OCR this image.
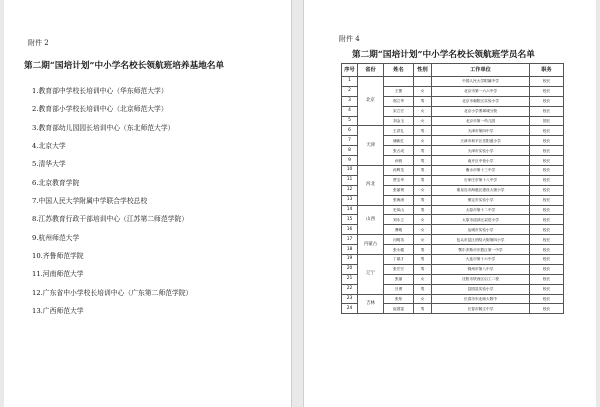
附件 2
第二期“国培计划”中小学名校长领航班培养基地名单
1.教育部中学校长培训中心（华东师范大学）
2.教育部小学校长培训中心（北京师范大学）
3.教育部幼儿园园长培训中心（东北师范大学）
4.北京大学
5.清华大学
6.北京教育学院
7.中国人民大学附属中学联合学校总校
8.江苏教育行政干部培训中心（江苏第二师范学院）
9.杭州师范大学
10.齐鲁师范学院
11.河南师范大学
12.广东省中小学校长培训中心（广东第二师范学院）
13.广西师范大学
附件 4
第二期“国培计划”中小学名校长领航班学员名单
序号	省份	姓名	性别	工作单位	职务
1	北京			中国人民大学附属中学	校长
2		王蕾	女	北京市第一六六中学	校长
3		邢立华	男	北京市朝阳区实验小学	校长
4		宋立宏	女	北京小学翡翠城分校	校长
5		刘金玉	女	北京市第一幼儿园	园长
6	天津	王洪礼	男	天津市第四中学	校长
7		储新红	女	天津市和平区岳阳道小学	校长
8		张占成	男	天津市实验小学	校长
9		孙锐	男	南开区中营小学	校长
10	河北	孙辉龙	男	衡水市第十三中学	校长
11		贾宝华	男	石家庄市第十八中学	校长
12		张丽珉	女	秦皇岛市海港区建设大街小学	校长
13		张海涛	男	保定市实验小学	校长
14	山西	史凤山	男	太原市第十二中学	校长
15		刘永立	女	太原市迎泽区双语小学	校长
16		曹峻	女	运城市实验小学	校长
17	内蒙古	闫明英	女	包头市昆区团结大街第四小学	校长
18		张永健	男	鄂尔多斯市东胜区第一中学	校长
19	辽宁	丁斌才	男	大连市第十六中学	校长
20		张宏宏	男	锦州市第八中学	校长
21		张丽	女	沈阳市铁西区启工二校	校长
22		吕勇	男	县园县实验小学	校长
23	吉林	张彤	女	长春市东北师大附中	校长
24		崔国富	男	长春市毓文中学	校长
